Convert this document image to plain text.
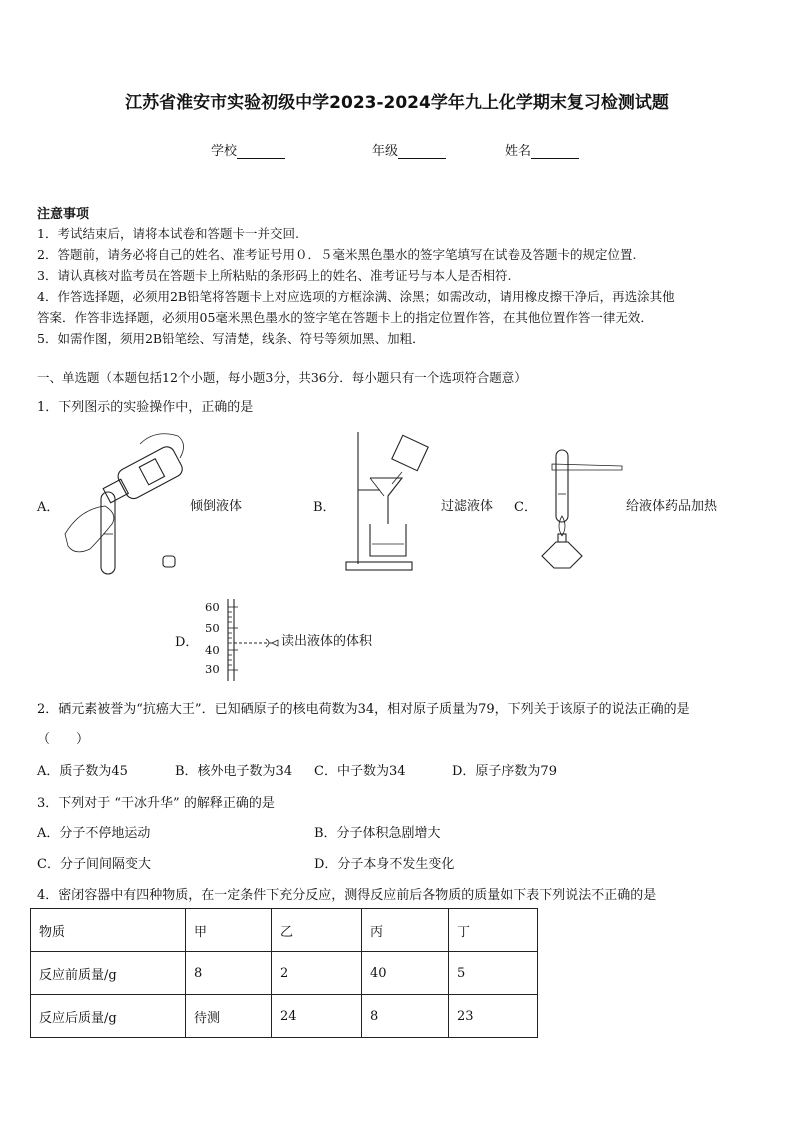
江苏省淮安市实验初级中学2023-2024学年九上化学期末复习检测试题
学校	年级	姓名
注意事项
1．考试结束后，请将本试卷和答题卡一并交回.
2．答题前，请务必将自己的姓名、准考证号用０．５毫米黑色墨水的签字笔填写在试卷及答题卡的规定位置.
3．请认真核对监考员在答题卡上所粘贴的条形码上的姓名、准考证号与本人是否相符.
4．作答选择题，必须用2B铅笔将答题卡上对应选项的方框涂满、涂黑；如需改动，请用橡皮擦干净后，再选涂其他
答案．作答非选择题，必须用05毫米黑色墨水的签字笔在答题卡上的指定位置作答，在其他位置作答一律无效．
5．如需作图，须用2B铅笔绘、写清楚，线条、符号等须加黑、加粗．
一、单选题（本题包括12个小题，每小题3分，共36分．每小题只有一个选项符合题意）
1．下列图示的实验操作中，正确的是
A．	倾倒液体	B．	过滤液体 C．	给液体药品加热
D．
60
50
40
30
读出液体的体积
2．硒元素被誉为“抗癌大王”．已知硒原子的核电荷数为34，相对原子质量为79，下列关于该原子的说法正确的是
（　　）
A．质子数为45	B．核外电子数为34 C．中子数为34	D．原子序数为79
3．下列对于 “干冰升华” 的解释正确的是
A．分子不停地运动	B．分子体积急剧增大
C．分子间间隔变大	D．分子本身不发生变化
4．密闭容器中有四种物质，在一定条件下充分反应，测得反应前后各物质的质量如下表下列说法不正确的是
物质	甲	乙	丙	丁
反应前质量/g	8	2	40	5
反应后质量/g	待测	24	8	23
